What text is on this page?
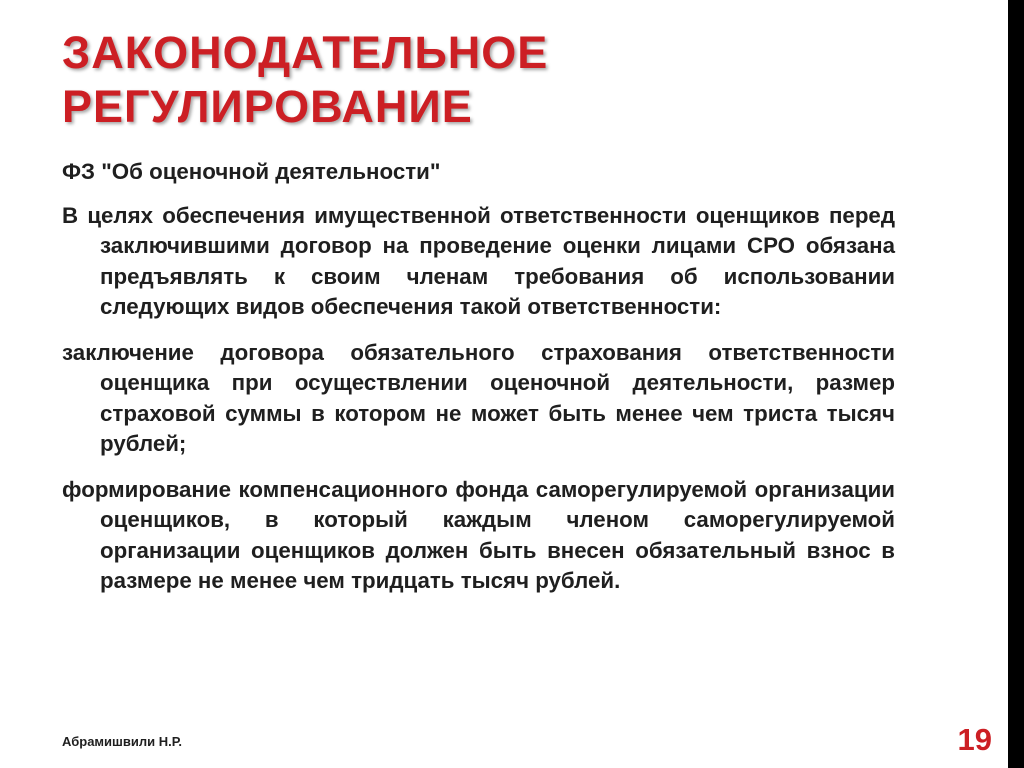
ЗАКОНОДАТЕЛЬНОЕ
РЕГУЛИРОВАНИЕ

ФЗ "Об оценочной деятельности"

В целях обеспечения имущественной ответственности оценщиков перед заключившими договор на проведение оценки лицами СРО обязана предъявлять к своим членам требования об использовании следующих видов обеспечения такой ответственности:

заключение договора обязательного страхования ответственности оценщика при осуществлении оценочной деятельности, размер страховой суммы в котором не может быть менее чем триста тысяч рублей;

формирование компенсационного фонда саморегулируемой организации оценщиков, в который каждым членом саморегулируемой организации оценщиков должен быть внесен обязательный взнос в размере не менее чем тридцать тысяч рублей.

Абрамишвили Н.Р.	19
